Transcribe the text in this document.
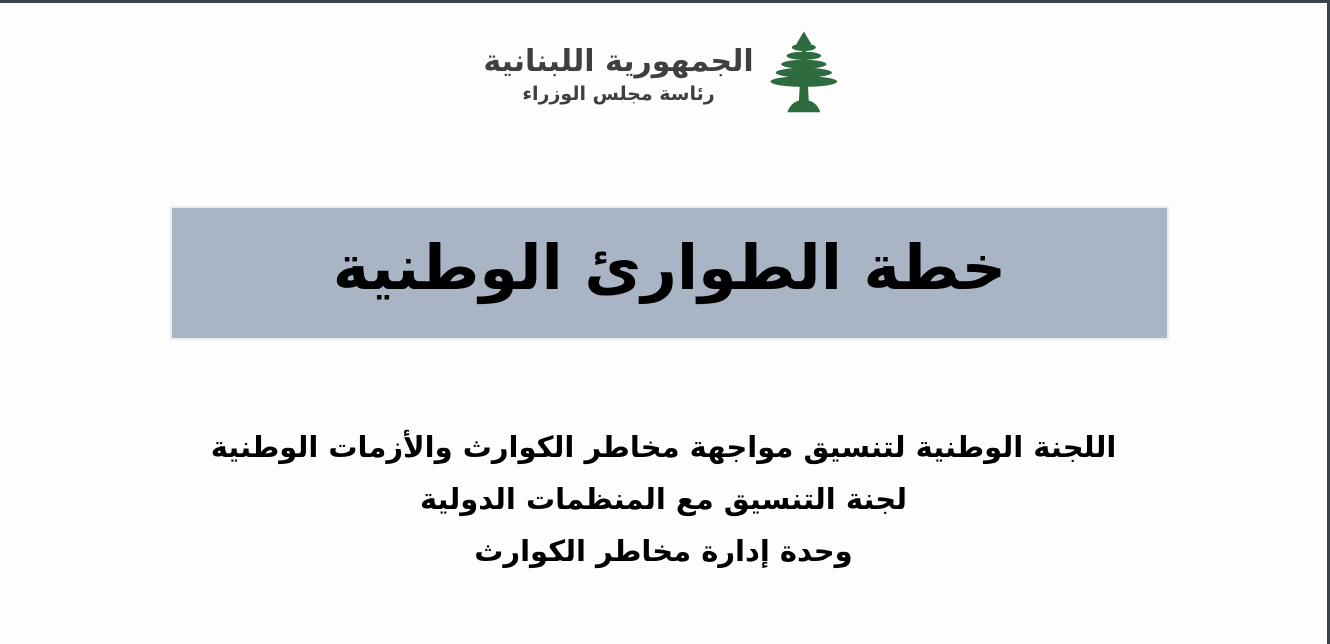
الجمهورية اللبنانية
رئاسة مجلس الوزراء
خطة الطوارئ الوطنية

اللجنة الوطنية لتنسيق مواجهة مخاطر الكوارث والأزمات الوطنية

لجنة التنسيق مع المنظمات الدولية

وحدة إدارة مخاطر الكوارث
